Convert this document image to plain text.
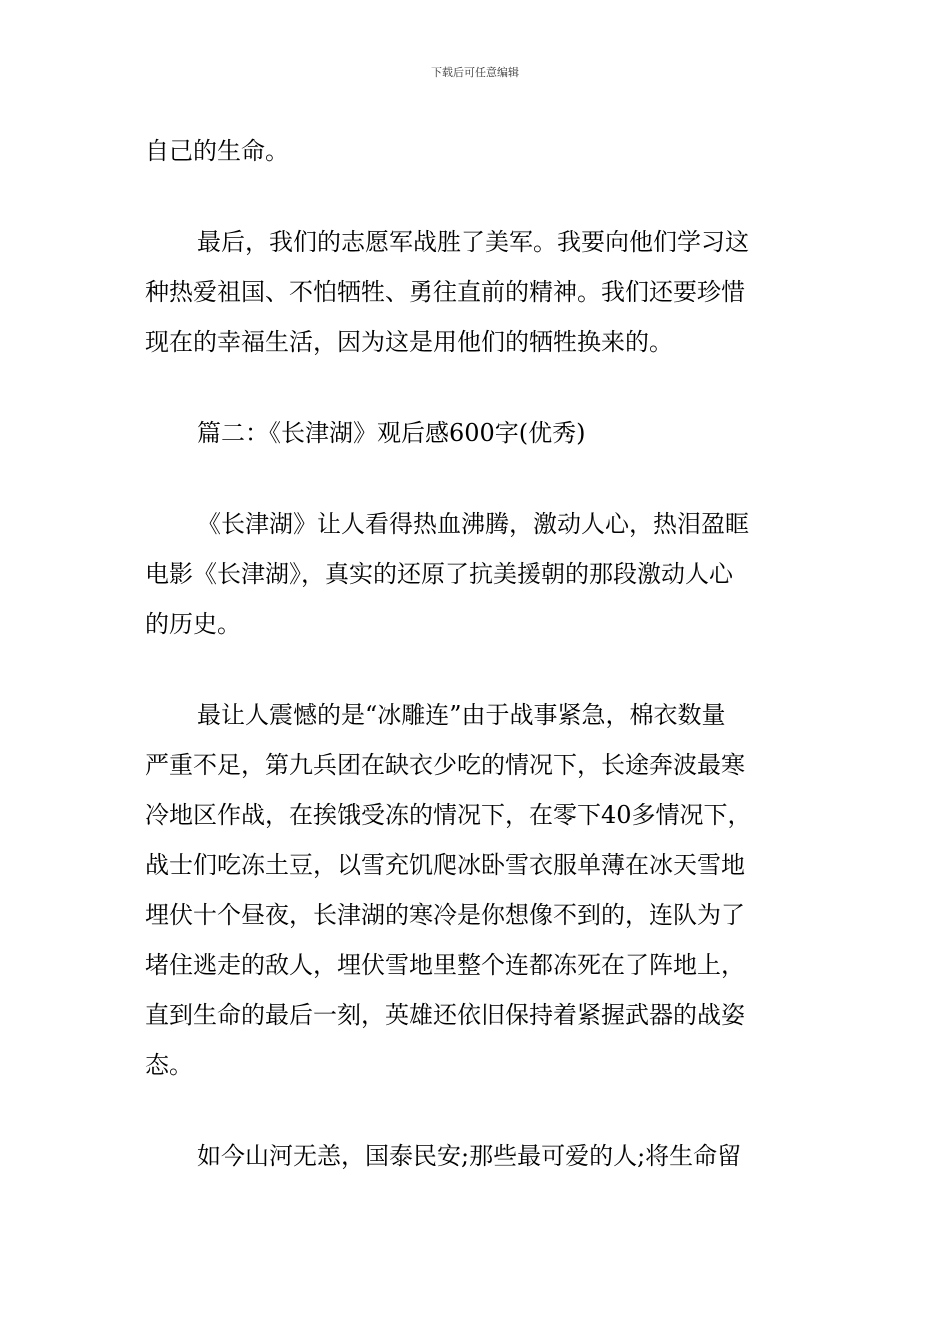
下载后可任意编辑

自己的生命。

最后，我们的志愿军战胜了美军。我要向他们学习这
种热爱祖国、不怕牺牲、勇往直前的精神。我们还要珍惜
现在的幸福生活，因为这是用他们的牺牲换来的。

篇二：《长津湖》观后感600字(优秀)

《长津湖》让人看得热血沸腾，激动人心，热泪盈眶
电影《长津湖》，真实的还原了抗美援朝的那段激动人心
的历史。

最让人震憾的是“冰雕连”由于战事紧急，棉衣数量
严重不足，第九兵团在缺衣少吃的情况下，长途奔波最寒
冷地区作战，在挨饿受冻的情况下，在零下40多情况下，
战士们吃冻土豆，以雪充饥爬冰卧雪衣服单薄在冰天雪地
埋伏十个昼夜，长津湖的寒冷是你想像不到的，连队为了
堵住逃走的敌人，埋伏雪地里整个连都冻死在了阵地上，
直到生命的最后一刻，英雄还依旧保持着紧握武器的战姿
态。

如今山河无恙，国泰民安;那些最可爱的人;将生命留
